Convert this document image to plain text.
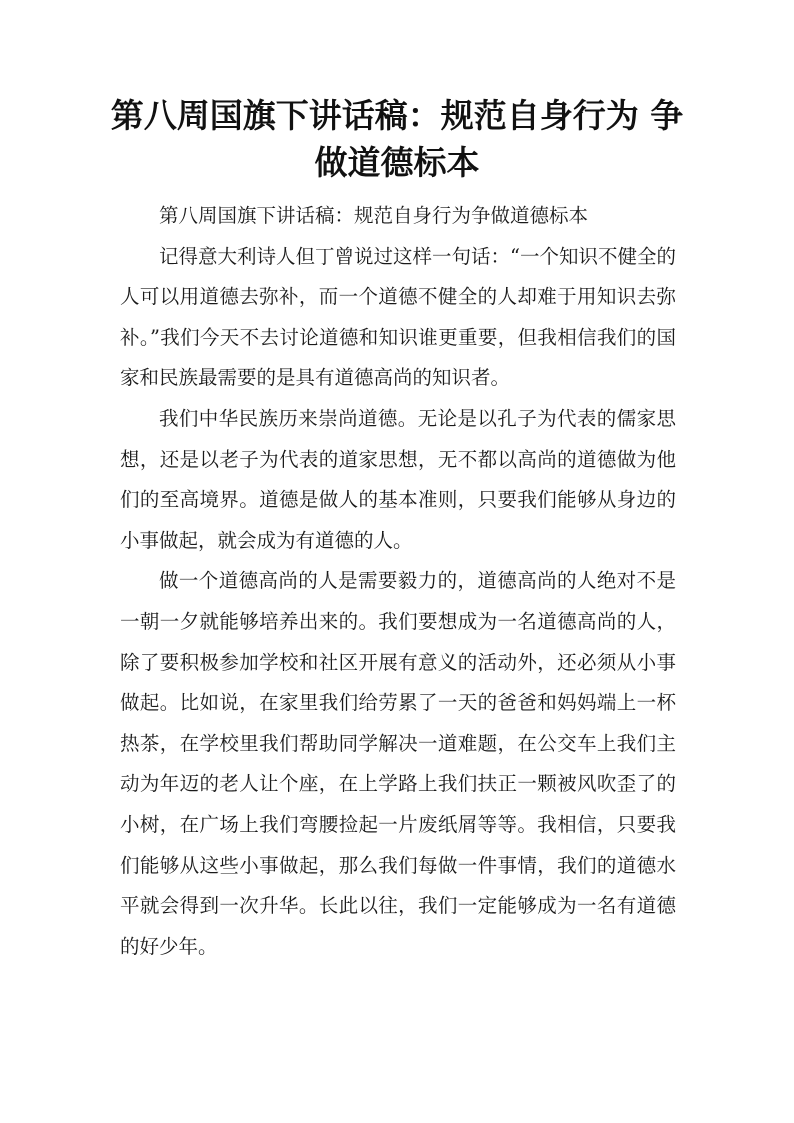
第八周国旗下讲话稿：规范自身行为 争做道德标本

第八周国旗下讲话稿：规范自身行为争做道德标本

记得意大利诗人但丁曾说过这样一句话：“一个知识不健全的人可以用道德去弥补，而一个道德不健全的人却难于用知识去弥补。”我们今天不去讨论道德和知识谁更重要，但我相信我们的国家和民族最需要的是具有道德高尚的知识者。

我们中华民族历来崇尚道德。无论是以孔子为代表的儒家思想，还是以老子为代表的道家思想，无不都以高尚的道德做为他们的至高境界。道德是做人的基本准则，只要我们能够从身边的小事做起，就会成为有道德的人。

做一个道德高尚的人是需要毅力的，道德高尚的人绝对不是一朝一夕就能够培养出来的。我们要想成为一名道德高尚的人，除了要积极参加学校和社区开展有意义的活动外，还必须从小事做起。比如说，在家里我们给劳累了一天的爸爸和妈妈端上一杯热茶，在学校里我们帮助同学解决一道难题，在公交车上我们主动为年迈的老人让个座，在上学路上我们扶正一颗被风吹歪了的小树，在广场上我们弯腰捡起一片废纸屑等等。我相信，只要我们能够从这些小事做起，那么我们每做一件事情，我们的道德水平就会得到一次升华。长此以往，我们一定能够成为一名有道德的好少年。
